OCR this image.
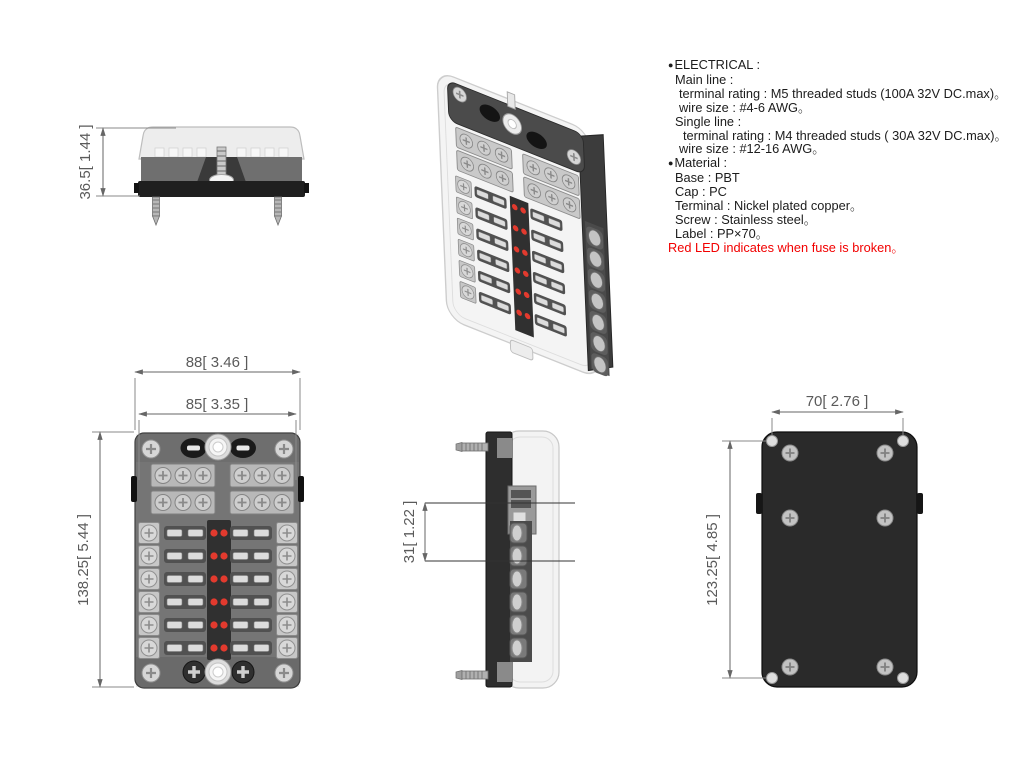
36.5[ 1.44 ]
88[ 3.46 ]
85[ 3.35 ]
138.25[ 5.44 ]	31[ 1.22 ]
70[ 2.76 ]
123.25[ 4.85 ]
●ELECTRICAL :
Main line :
terminal rating : M5 threaded studs (100A 32V DC.max)。
wire size : #4-6 AWG。
Single line :
terminal rating : M4 threaded studs ( 30A 32V DC.max)。
wire size : #12-16 AWG。
●Material :
Base : PBT
Cap : PC
Terminal : Nickel plated copper。
Screw : Stainless steel。
Label : PP×70。
Red LED indicates when fuse is broken。
